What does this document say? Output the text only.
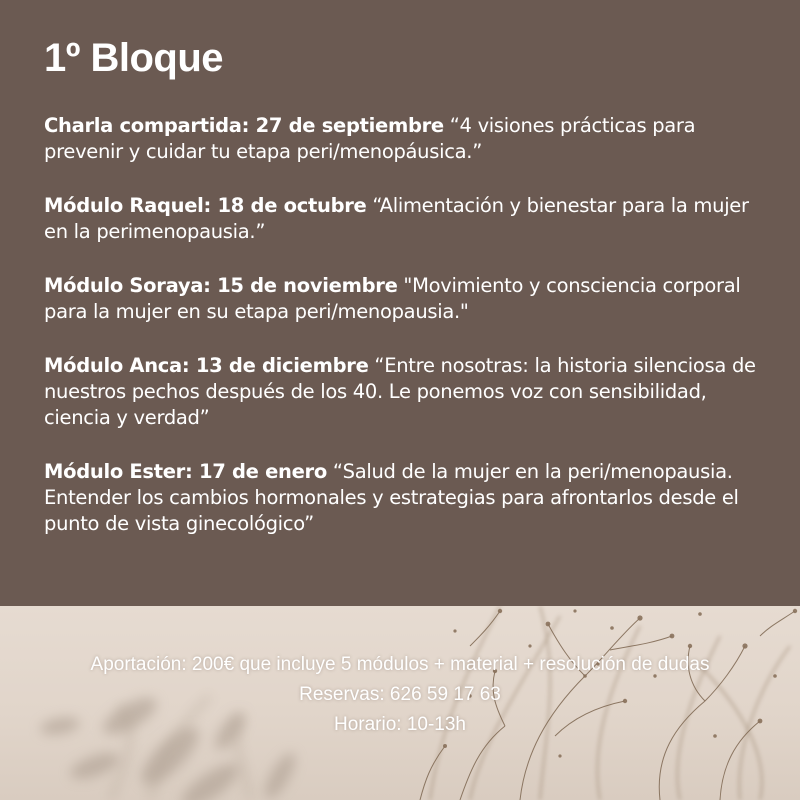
1º Bloque

Charla compartida: 27 de septiembre “4 visiones prácticas para prevenir y cuidar tu etapa peri/menopáusica.”

Módulo Raquel: 18 de octubre “Alimentación y bienestar para la mujer en la perimenopausia.”

Módulo Soraya: 15 de noviembre "Movimiento y consciencia corporal para la mujer en su etapa peri/menopausia."

Módulo Anca: 13 de diciembre “Entre nosotras: la historia silenciosa de nuestros pechos después de los 40. Le ponemos voz con sensibilidad, ciencia y verdad”

Módulo Ester: 17 de enero “Salud de la mujer en la peri/menopausia. Entender los cambios hormonales y estrategias para afrontarlos desde el punto de vista ginecológico”

Aportación: 200€ que incluye 5 módulos + material + resolución de dudas
Reservas: 626 59 17 63
Horario: 10-13h
